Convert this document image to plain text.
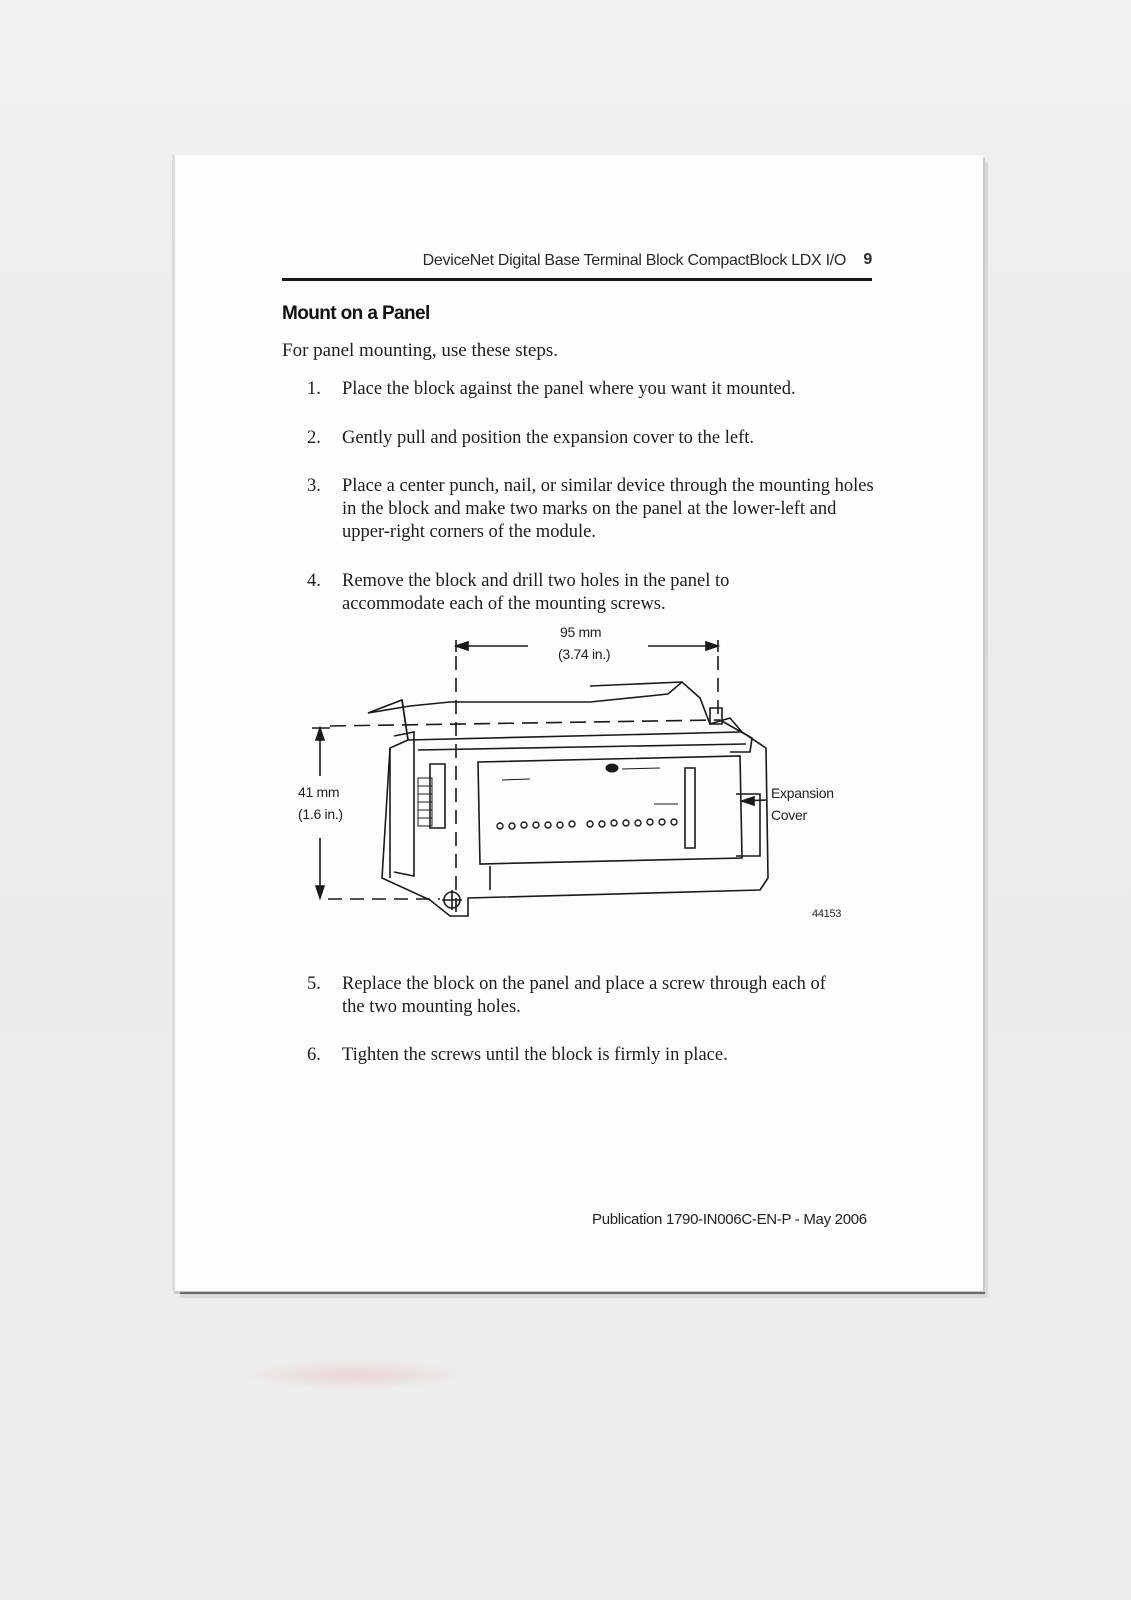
DeviceNet Digital Base Terminal Block CompactBlock LDX I/O 9
Mount on a Panel
For panel mounting, use these steps.
1.	Place the block against the panel where you want it mounted.
2.	Gently pull and position the expansion cover to the left.
3.	Place a center punch, nail, or similar device through the mounting holes in the block and make two marks on the panel at the lower-left and upper-right corners of the module.
4.	Remove the block and drill two holes in the panel to accommodate each of the mounting screws.
95 mm
(3.74 in.)
41 mm
(1.6 in.)
Expansion
Cover
44153
5.	Replace the block on the panel and place a screw through each of the two mounting holes.
6.	Tighten the screws until the block is firmly in place.
Publication 1790-IN006C-EN-P - May 2006
